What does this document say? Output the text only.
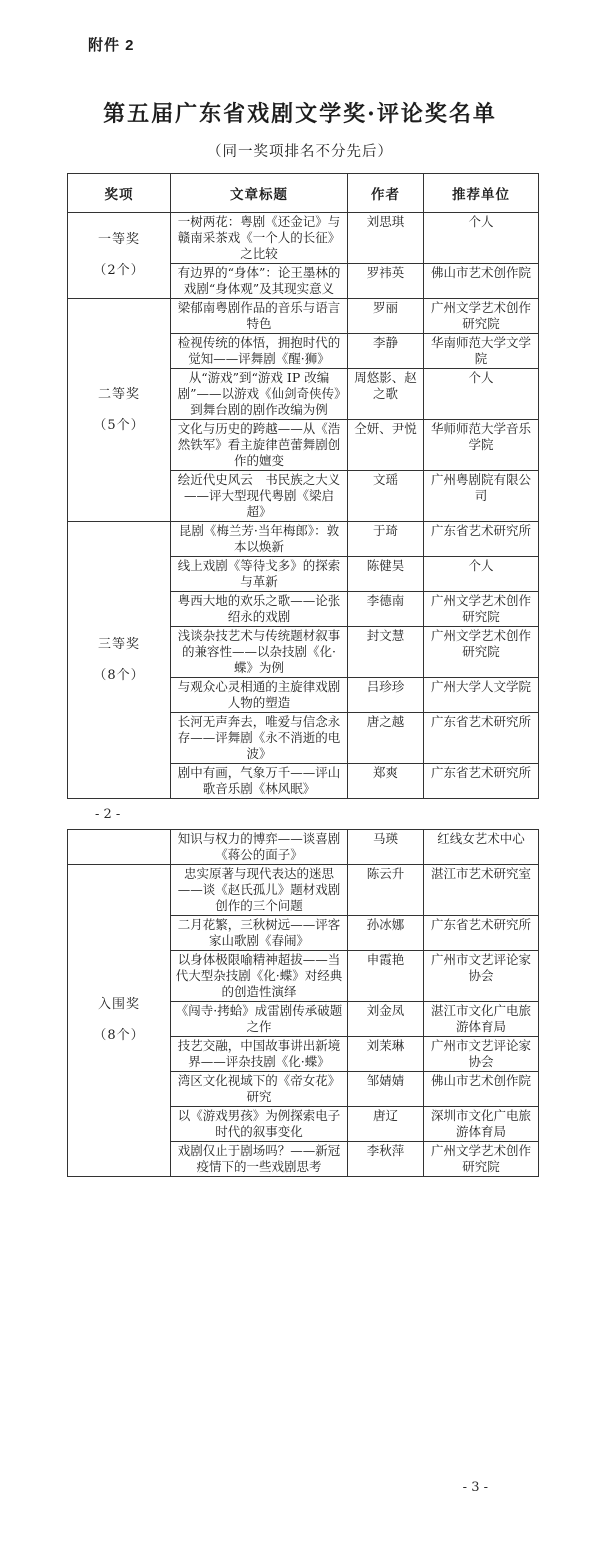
附件 2
第五届广东省戏剧文学奖·评论奖名单
（同一奖项排名不分先后）
奖项	文章标题	作者	推荐单位

一等奖
（2个）	一树两花：粤剧《还金记》与赣南采茶戏《一个人的长征》之比较	刘思琪	个人
	有边界的“身体”：论王墨林的戏剧“身体观”及其现实意义	罗祎英	佛山市艺术创作院

二等奖
（5个）	梁郁南粤剧作品的音乐与语言特色	罗丽	广州文学艺术创作研究院
	检视传统的体悟，拥抱时代的觉知——评舞剧《醒·狮》	李静	华南师范大学文学院
	从“游戏”到“游戏 IP 改编剧”——以游戏《仙剑奇侠传》到舞台剧的剧作改编为例	周悠影、赵之歌	个人
	文化与历史的跨越——从《浩然铁军》看主旋律芭蕾舞剧创作的嬗变	仝妍、尹悦	华师师范大学音乐学院
	绘近代史风云　书民族之大义——评大型现代粤剧《梁启超》	文瑶	广州粤剧院有限公司

三等奖
（8个）	昆剧《梅兰芳·当年梅郎》：敦本以焕新	于琦	广东省艺术研究所
	线上戏剧《等待戈多》的探索与革新	陈健昊	个人
	粤西大地的欢乐之歌——论张绍永的戏剧	李德南	广州文学艺术创作研究院
	浅谈杂技艺术与传统题材叙事的兼容性——以杂技剧《化·蝶》为例	封文慧	广州文学艺术创作研究院
	与观众心灵相通的主旋律戏剧人物的塑造	吕珍珍	广州大学人文学院
	长河无声奔去，唯爱与信念永存——评舞剧《永不消逝的电波》	唐之越	广东省艺术研究所
	剧中有画，气象万千——评山歌音乐剧《林风眠》	郑爽	广东省艺术研究所
- 2 -
	知识与权力的博弈——谈喜剧《蒋公的面子》	马瑛	红线女艺术中心

入围奖
（8个）	忠实原著与现代表达的迷思——谈《赵氏孤儿》题材戏剧创作的三个问题	陈云升	湛江市艺术研究室
	二月花繁，三秋树远——评客家山歌剧《春闹》	孙冰娜	广东省艺术研究所
	以身体极限喻精神超拔——当代大型杂技剧《化·蝶》对经典的创造性演绎	申霞艳	广州市文艺评论家协会
	《闯寺·拷蛤》成雷剧传承破题之作	刘金凤	湛江市文化广电旅游体育局
	技艺交融，中国故事讲出新境界——评杂技剧《化·蝶》	刘茉琳	广州市文艺评论家协会
	湾区文化视域下的《帝女花》研究	邹婧婧	佛山市艺术创作院
	以《游戏男孩》为例探索电子时代的叙事变化	唐辽	深圳市文化广电旅游体育局
	戏剧仅止于剧场吗？——新冠疫情下的一些戏剧思考	李秋萍	广州文学艺术创作研究院
- 3 -
